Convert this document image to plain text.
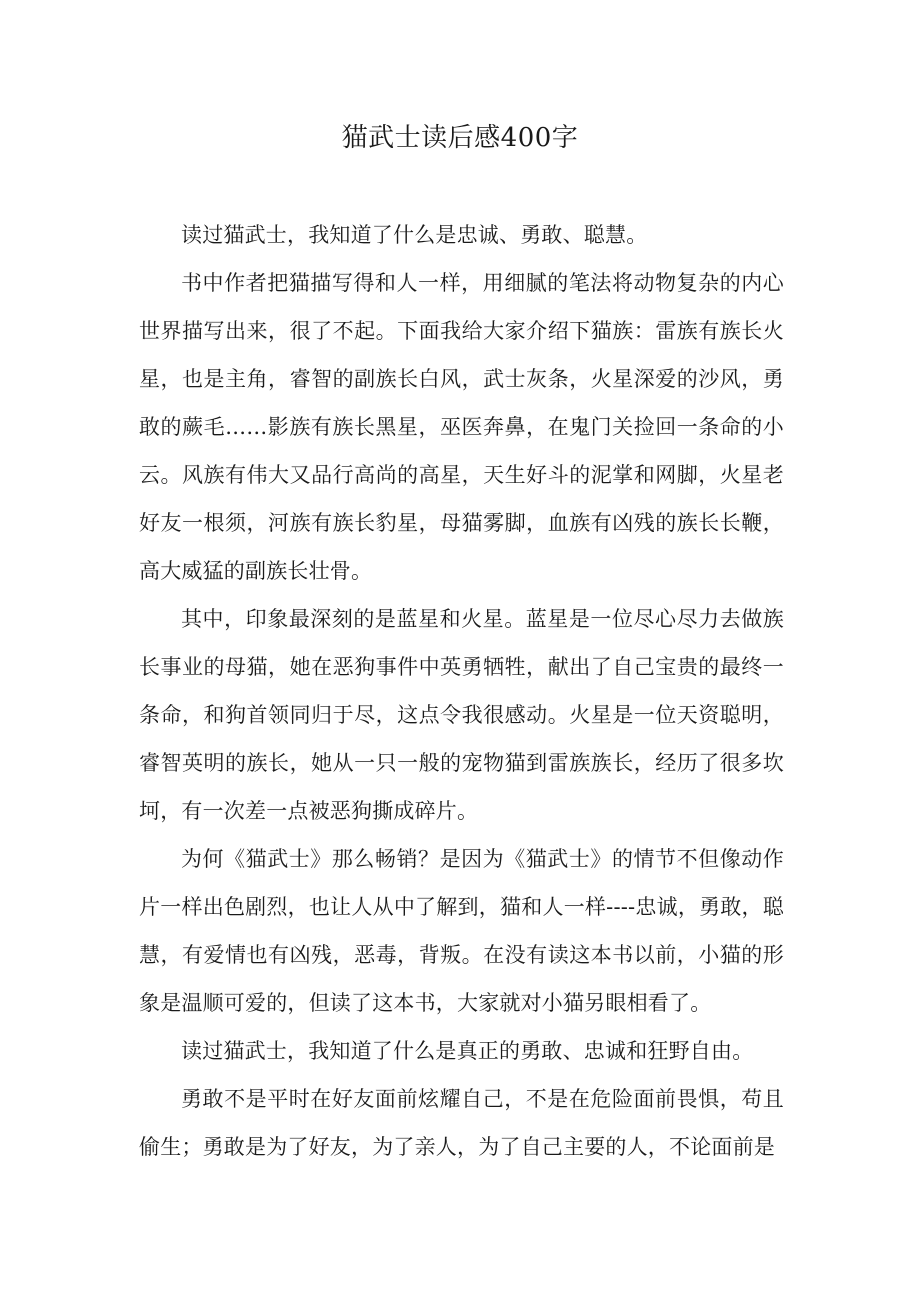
猫武士读后感400字

读过猫武士，我知道了什么是忠诚、勇敢、聪慧。

书中作者把猫描写得和人一样，用细腻的笔法将动物复杂的内心世界描写出来，很了不起。下面我给大家介绍下猫族：雷族有族长火星，也是主角，睿智的副族长白风，武士灰条，火星深爱的沙风，勇敢的蕨毛……影族有族长黑星，巫医奔鼻，在鬼门关捡回一条命的小云。风族有伟大又品行高尚的高星，天生好斗的泥掌和网脚，火星老好友一根须，河族有族长豹星，母猫雾脚，血族有凶残的族长长鞭，高大威猛的副族长壮骨。

其中，印象最深刻的是蓝星和火星。蓝星是一位尽心尽力去做族长事业的母猫，她在恶狗事件中英勇牺牲，献出了自己宝贵的最终一条命，和狗首领同归于尽，这点令我很感动。火星是一位天资聪明，睿智英明的族长，她从一只一般的宠物猫到雷族族长，经历了很多坎坷，有一次差一点被恶狗撕成碎片。

为何《猫武士》那么畅销？是因为《猫武士》的情节不但像动作片一样出色剧烈，也让人从中了解到，猫和人一样----忠诚，勇敢，聪慧，有爱情也有凶残，恶毒，背叛。在没有读这本书以前，小猫的形象是温顺可爱的，但读了这本书，大家就对小猫另眼相看了。

读过猫武士，我知道了什么是真正的勇敢、忠诚和狂野自由。

勇敢不是平时在好友面前炫耀自己，不是在危险面前畏惧，苟且偷生；勇敢是为了好友，为了亲人，为了自己主要的人，不论面前是
